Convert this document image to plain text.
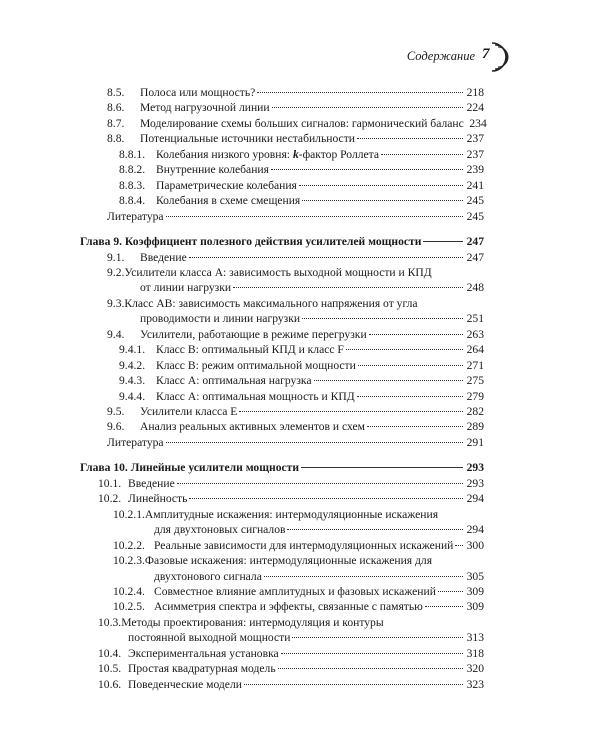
Содержание 7
8.5.	Полоса или мощность?	218
8.6.	Метод нагрузочной линии	224
8.7.	Моделирование схемы больших сигналов: гармонический баланс 234
8.8.	Потенциальные источники нестабильности	237
8.8.1. Колебания низкого уровня: k-фактор Роллета	237
8.8.2. Внутренние колебания	239
8.8.3. Параметрические колебания	241
8.8.4. Колебания в схеме смещения	245
Литература	245
Глава 9. Коэффициент полезного действия усилителей мощности	247
9.1.	Введение	247
9.2.Усилители класса А: зависимость выходной мощности и КПД
от линии нагрузки	248
9.3.Класс АВ: зависимость максимального напряжения от угла
проводимости и линии нагрузки	251
9.4.	Усилители, работающие в режиме перегрузки	263
9.4.1. Класс В: оптимальный КПД и класс F	264
9.4.2. Класс В: режим оптимальной мощности	271
9.4.3. Класс А: оптимальная нагрузка	275
9.4.4. Класс А: оптимальная мощность и КПД	279
9.5.	Усилители класса Е	282
9.6.	Анализ реальных активных элементов и схем	289
Литература	291
Глава 10. Линейные усилители мощности	293
10.1. Введение	293
10.2. Линейность	294
10.2.1.Амплитудные искажения: интермодуляционные искажения
для двухтоновых сигналов	294
10.2.2. Реальные зависимости для интермодуляционных искажений 300
10.2.3.Фазовые искажения: интермодуляционные искажения для
двухтонового сигнала	305
10.2.4. Совместное влияние амплитудных и фазовых искажений	309
10.2.5. Асимметрия спектра и эффекты, связанные с памятью	309
10.3.Методы проектирования: интермодуляция и контуры
постоянной выходной мощности	313
10.4. Экспериментальная установка	318
10.5. Простая квадратурная модель	320
10.6. Поведенческие модели	323
